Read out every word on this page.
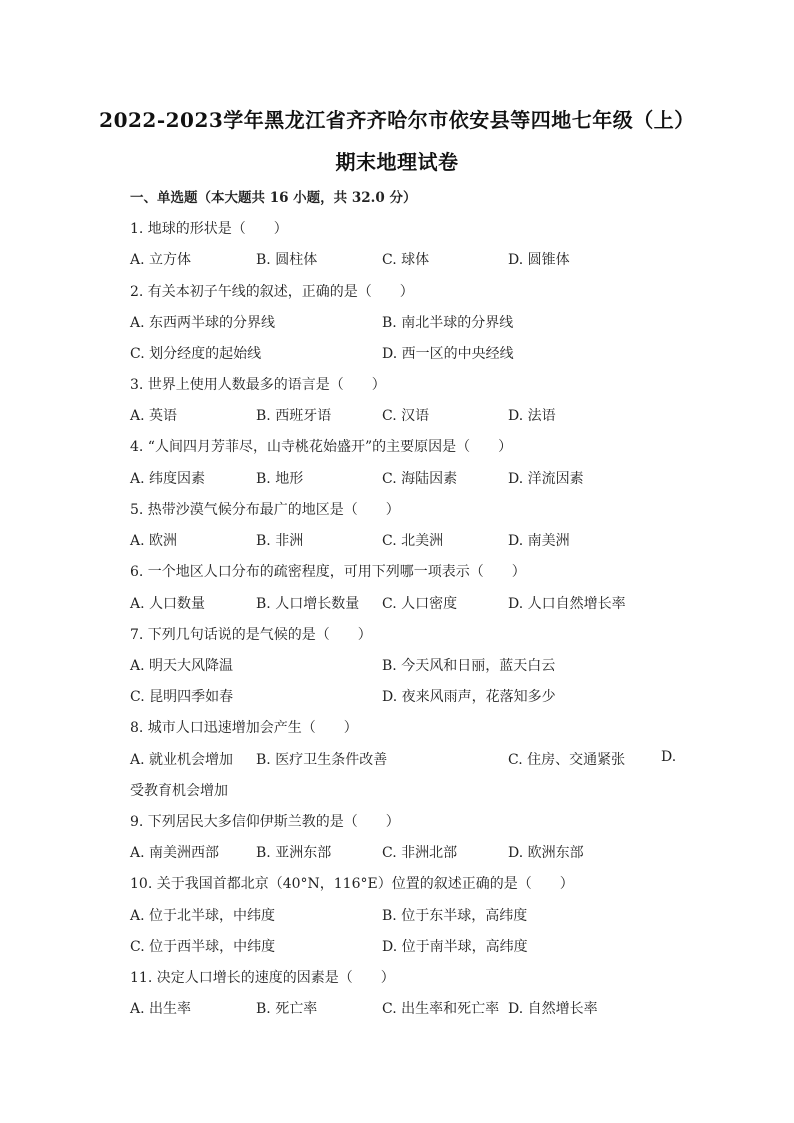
2022-2023学年黑龙江省齐齐哈尔市依安县等四地七年级（上）
期末地理试卷
一、单选题（本大题共 16 小题，共 32.0 分）
1. 地球的形状是（　　）
A. 立方体	B. 圆柱体	C. 球体	D. 圆锥体
2. 有关本初子午线的叙述，正确的是（　　）
A. 东西两半球的分界线	B. 南北半球的分界线
C. 划分经度的起始线	D. 西一区的中央经线
3. 世界上使用人数最多的语言是（　　）
A. 英语	B. 西班牙语	C. 汉语	D. 法语
4. “人间四月芳菲尽，山寺桃花始盛开”的主要原因是（　　）
A. 纬度因素	B. 地形	C. 海陆因素	D. 洋流因素
5. 热带沙漠气候分布最广的地区是（　　）
A. 欧洲	B. 非洲	C. 北美洲	D. 南美洲
6. 一个地区人口分布的疏密程度，可用下列哪一项表示（　　）
A. 人口数量	B. 人口增长数量 C. 人口密度	D. 人口自然增长率
7. 下列几句话说的是气候的是（　　）
A. 明天大风降温	B. 今天风和日丽，蓝天白云
C. 昆明四季如春	D. 夜来风雨声，花落知多少
8. 城市人口迅速增加会产生（　　）
A. 就业机会增加 B. 医疗卫生条件改善	C. 住房、交通紧张	D.
受教育机会增加
9. 下列居民大多信仰伊斯兰教的是（　　）
A. 南美洲西部	B. 亚洲东部	C. 非洲北部	D. 欧洲东部
10. 关于我国首都北京（40°N，116°E）位置的叙述正确的是（　　）
A. 位于北半球，中纬度	B. 位于东半球，高纬度
C. 位于西半球，中纬度	D. 位于南半球，高纬度
11. 决定人口增长的速度的因素是（　　）
A. 出生率	B. 死亡率	C. 出生率和死亡率 D. 自然增长率
